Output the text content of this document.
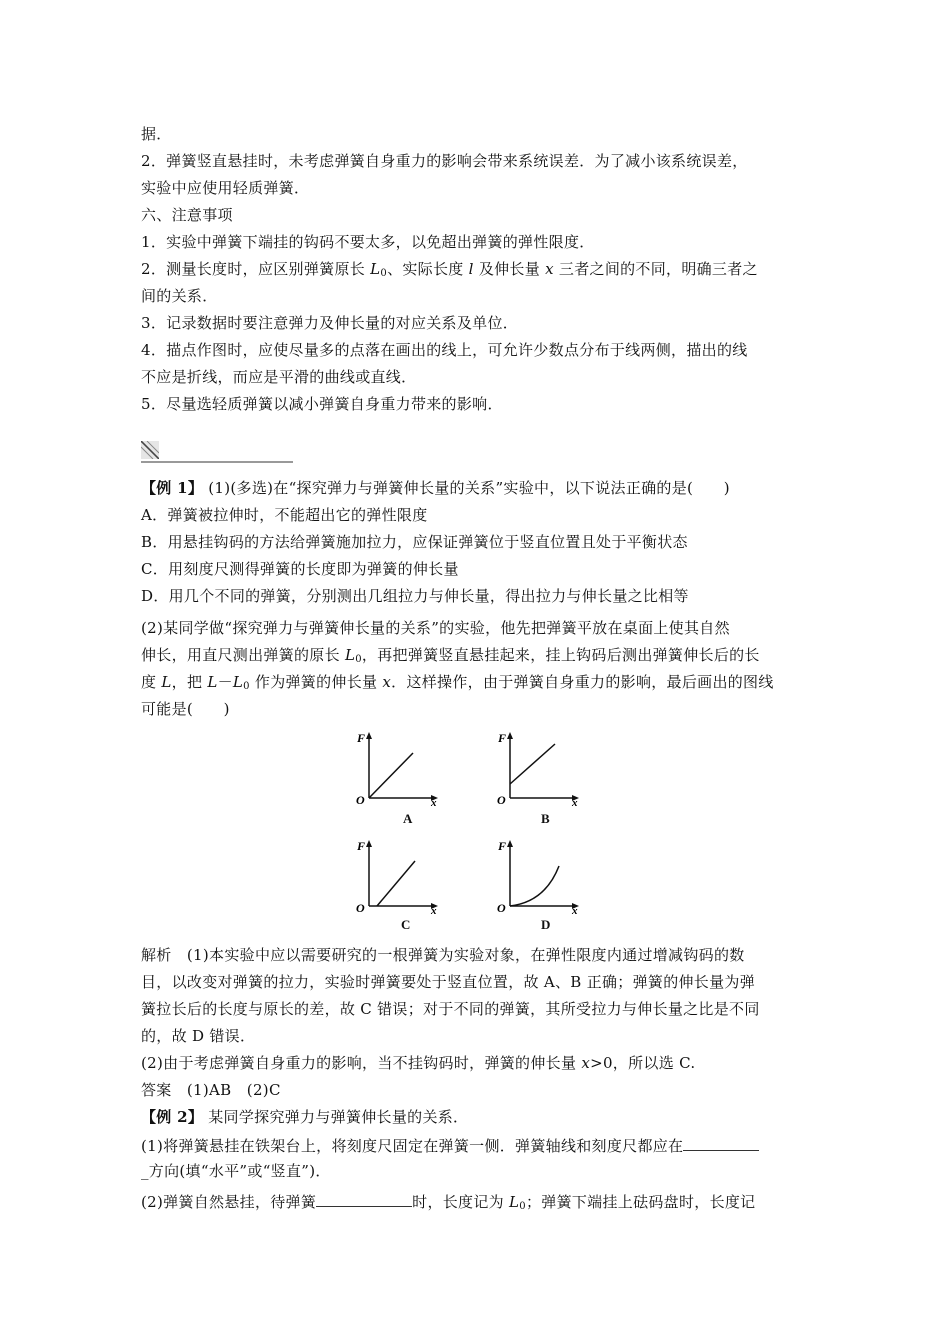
据．
2．弹簧竖直悬挂时，未考虑弹簧自身重力的影响会带来系统误差．为了减小该系统误差，
实验中应使用轻质弹簧．
六、注意事项
1．实验中弹簧下端挂的钩码不要太多，以免超出弹簧的弹性限度．
2．测量长度时，应区别弹簧原长 $L_0$、实际长度 l 及伸长量 x 三者之间的不同，明确三者之
间的关系．
3．记录数据时要注意弹力及伸长量的对应关系及单位．
4．描点作图时，应使尽量多的点落在画出的线上，可允许少数点分布于线两侧，描出的线
不应是折线，而应是平滑的曲线或直线．
5．尽量选轻质弹簧以减小弹簧自身重力带来的影响．
【例 1】 (1)(多选)在“探究弹力与弹簧伸长量的关系”实验中，以下说法正确的是(　　)
A．弹簧被拉伸时，不能超出它的弹性限度
B．用悬挂钩码的方法给弹簧施加拉力，应保证弹簧位于竖直位置且处于平衡状态
C．用刻度尺测得弹簧的长度即为弹簧的伸长量
D．用几个不同的弹簧，分别测出几组拉力与伸长量，得出拉力与伸长量之比相等
(2)某同学做“探究弹力与弹簧伸长量的关系”的实验，他先把弹簧平放在桌面上使其自然
伸长，用直尺测出弹簧的原长 $L_0$，再把弹簧竖直悬挂起来，挂上钩码后测出弹簧伸长后的长
度 L，把 $L-L_0$ 作为弹簧的伸长量 x．这样操作，由于弹簧自身重力的影响，最后画出的图线
可能是(　　)
F
x
O
A
F
x
O
B
F
x
O
C
F
x
O
D
解析　(1)本实验中应以需要研究的一根弹簧为实验对象，在弹性限度内通过增减钩码的数
目，以改变对弹簧的拉力，实验时弹簧要处于竖直位置，故 A、B 正确；弹簧的伸长量为弹
簧拉长后的长度与原长的差，故 C 错误；对于不同的弹簧，其所受拉力与伸长量之比是不同
的，故 D 错误．
(2)由于考虑弹簧自身重力的影响，当不挂钩码时，弹簧的伸长量 x>0，所以选 C.
答案　(1)AB　(2)C
【例 2】 某同学探究弹力与弹簧伸长量的关系．
(1)将弹簧悬挂在铁架台上，将刻度尺固定在弹簧一侧．弹簧轴线和刻度尺都应在
_方向(填“水平”或“竖直”)．
(2)弹簧自然悬挂，待弹簧	时，长度记为 $L_0$；弹簧下端挂上砝码盘时，长度记
